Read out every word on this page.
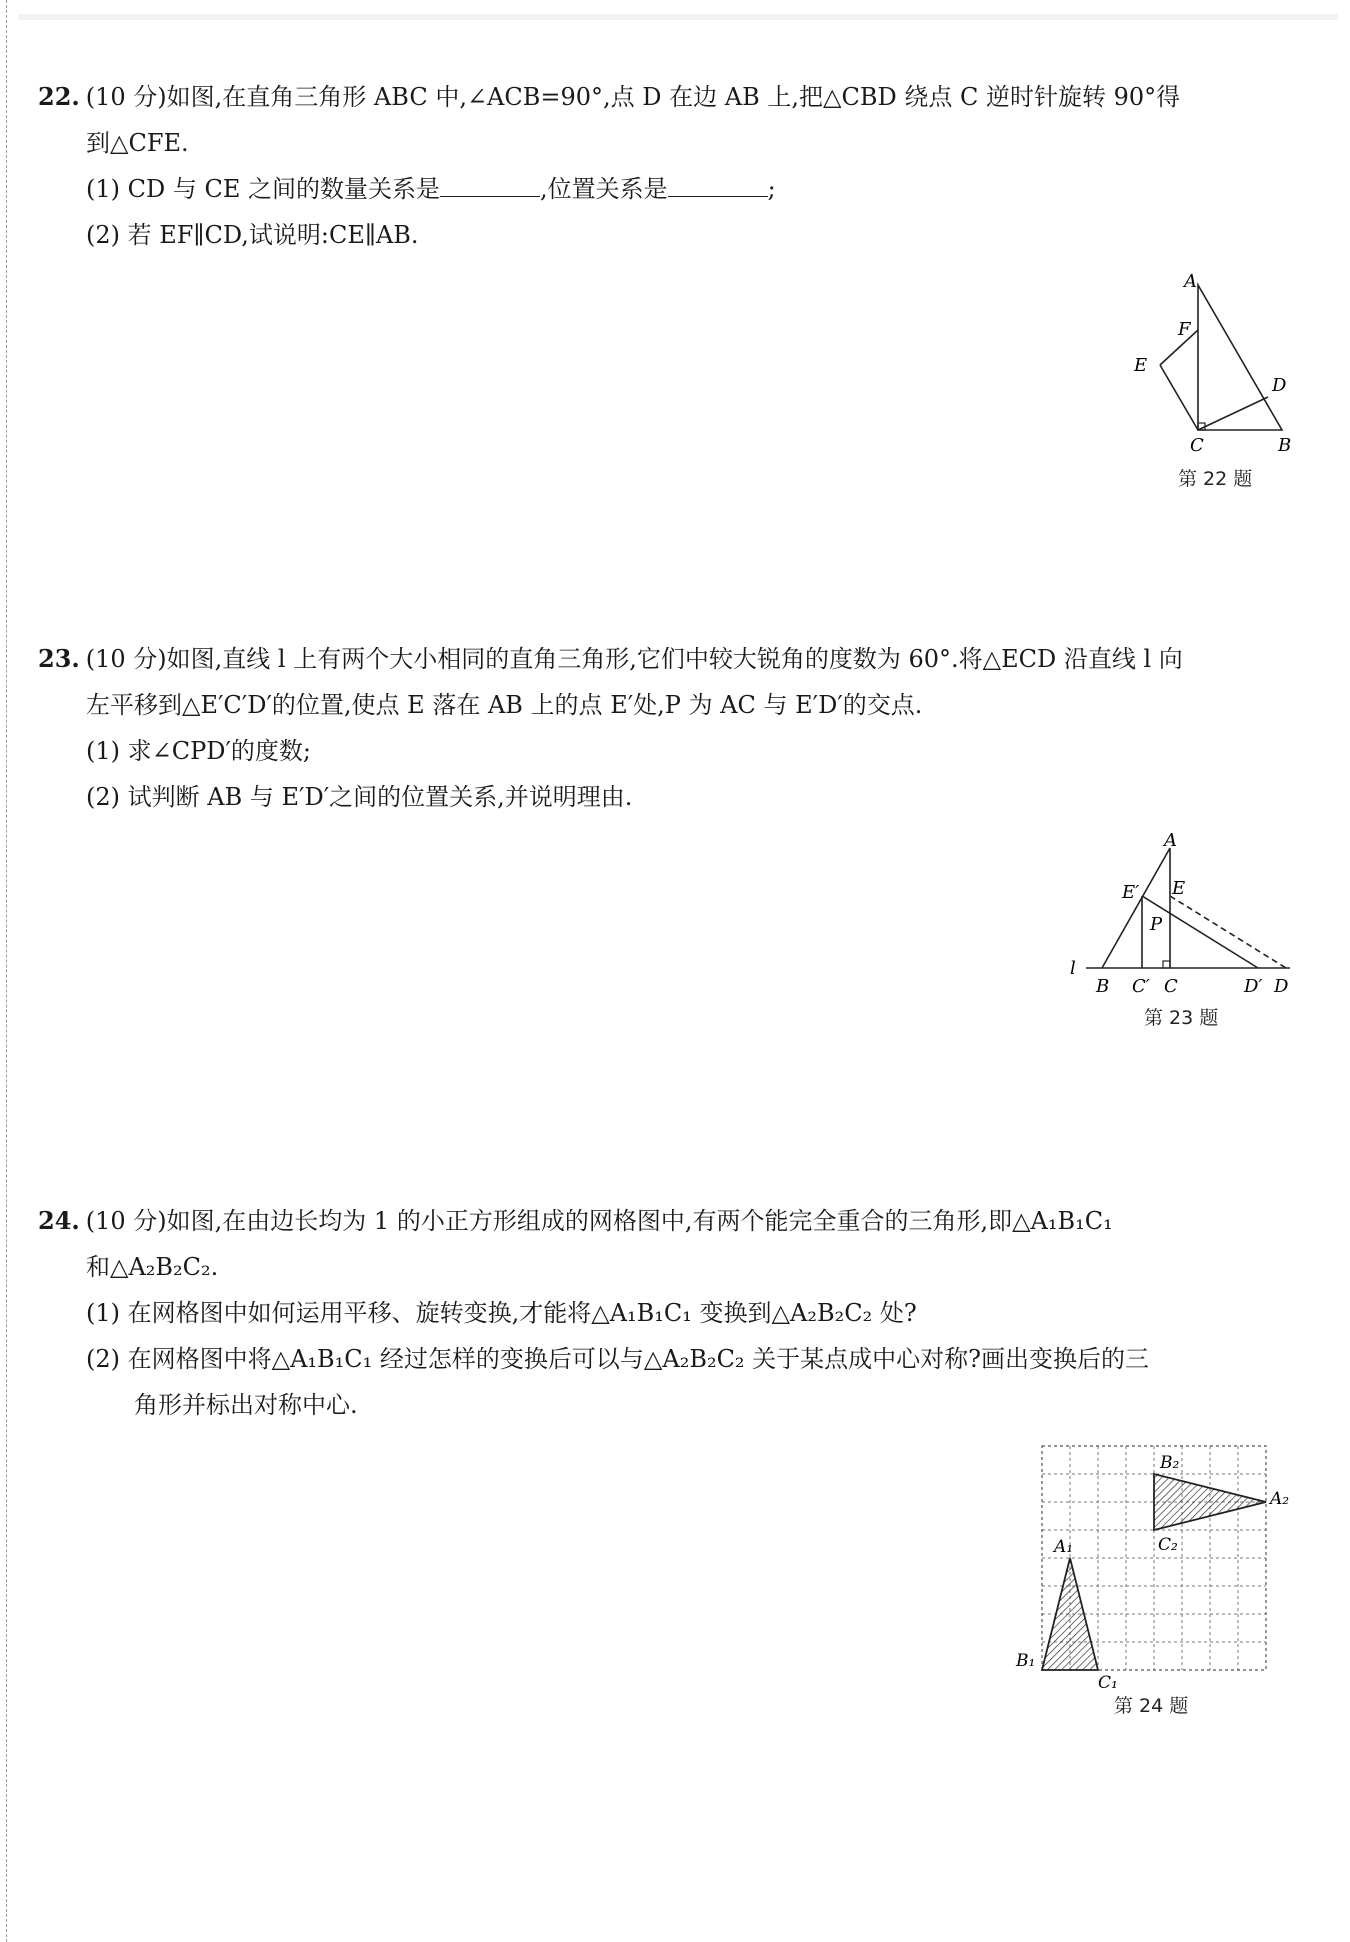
22. (10 分)如图,在直角三角形 ABC 中,∠ACB=90°,点 D 在边 AB 上,把△CBD 绕点 C 逆时针旋转 90°得
到△CFE.
(1) CD 与 CE 之间的数量关系是	,位置关系是	;
(2) 若 EF∥CD,试说明:CE∥AB.
A
F
E
D
C	B
第 22 题
23. (10 分)如图,直线 l 上有两个大小相同的直角三角形,它们中较大锐角的度数为 60°.将△ECD 沿直线 l 向
左平移到△E′C′D′的位置,使点 E 落在 AB 上的点 E′处,P 为 AC 与 E′D′的交点.
(1) 求∠CPD′的度数;
(2) 试判断 AB 与 E′D′之间的位置关系,并说明理由.
A
E′ E
P
l
B C′ C	D′ D
第 23 题
24. (10 分)如图,在由边长均为 1 的小正方形组成的网格图中,有两个能完全重合的三角形,即△A₁B₁C₁
和△A₂B₂C₂.
(1) 在网格图中如何运用平移、旋转变换,才能将△A₁B₁C₁ 变换到△A₂B₂C₂ 处?
(2) 在网格图中将△A₁B₁C₁ 经过怎样的变换后可以与△A₂B₂C₂ 关于某点成中心对称?画出变换后的三
角形并标出对称中心.
A₁
B₁
C₁
B₂
C₂
A₂
第 24 题
